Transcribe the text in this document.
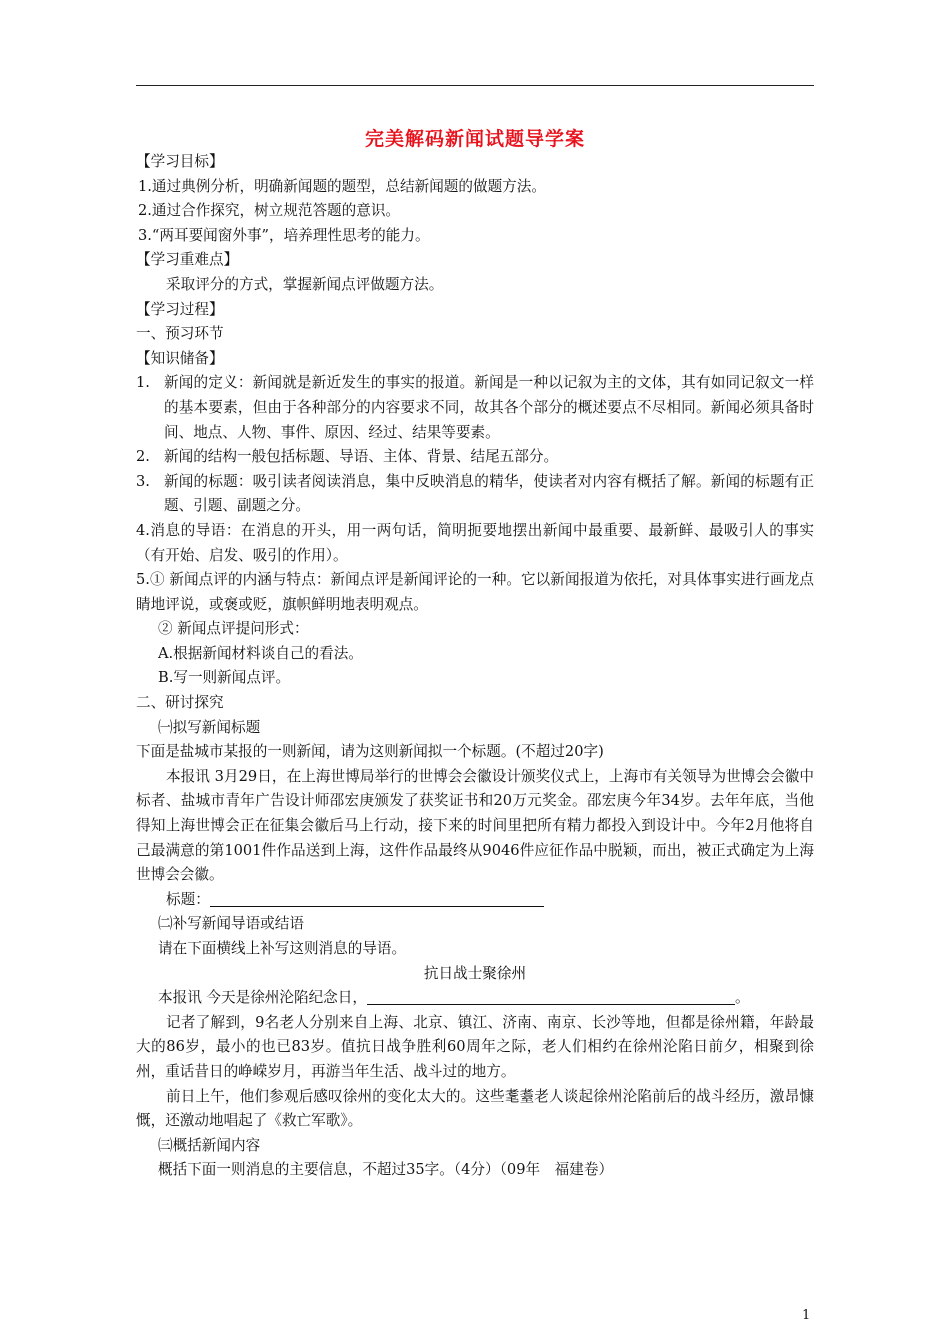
完美解码新闻试题导学案

【学习目标】

1.通过典例分析，明确新闻题的题型，总结新闻题的做题方法。

2.通过合作探究，树立规范答题的意识。

3.“两耳要闻窗外事”，培养理性思考的能力。

【学习重难点】

采取评分的方式，掌握新闻点评做题方法。

【学习过程】

一、预习环节

【知识储备】

1. 新闻的定义：新闻就是新近发生的事实的报道。新闻是一种以记叙为主的文体，其有如同记叙文一样的基本要素，但由于各种部分的内容要求不同，故其各个部分的概述要点不尽相同。新闻必须具备时间、地点、人物、事件、原因、经过、结果等要素。
2. 新闻的结构一般包括标题、导语、主体、背景、结尾五部分。
3. 新闻的标题：吸引读者阅读消息，集中反映消息的精华，使读者对内容有概括了解。新闻的标题有正题、引题、副题之分。

4.消息的导语：在消息的开头，用一两句话，简明扼要地摆出新闻中最重要、最新鲜、最吸引人的事实（有开始、启发、吸引的作用）。

5.① 新闻点评的内涵与特点：新闻点评是新闻评论的一种。它以新闻报道为依托，对具体事实进行画龙点睛地评说，或褒或贬，旗帜鲜明地表明观点。

② 新闻点评提问形式：

A.根据新闻材料谈自己的看法。

B.写一则新闻点评。

二、研讨探究

㈠拟写新闻标题

下面是盐城市某报的一则新闻，请为这则新闻拟一个标题。(不超过20字)

本报讯 3月29日，在上海世博局举行的世博会会徽设计颁奖仪式上，上海市有关领导为世博会会徽中标者、盐城市青年广告设计师邵宏庚颁发了获奖证书和20万元奖金。邵宏庚今年34岁。去年年底，当他得知上海世博会正在征集会徽后马上行动，接下来的时间里把所有精力都投入到设计中。今年2月他将自己最满意的第1001件作品送到上海，这件作品最终从9046件应征作品中脱颖，而出，被正式确定为上海世博会会徽。

标题：

㈡补写新闻导语或结语

请在下面横线上补写这则消息的导语。

抗日战士聚徐州

本报讯 今天是徐州沦陷纪念日，	。

记者了解到，9名老人分别来自上海、北京、镇江、济南、南京、长沙等地，但都是徐州籍，年龄最大的86岁，最小的也已83岁。值抗日战争胜利60周年之际，老人们相约在徐州沦陷日前夕，相聚到徐州，重话昔日的峥嵘岁月，再游当年生活、战斗过的地方。

前日上午，他们参观后感叹徐州的变化太大的。这些耄耋老人谈起徐州沦陷前后的战斗经历，激昂慷慨，还激动地唱起了《救亡军歌》。

㈢概括新闻内容

概括下面一则消息的主要信息，不超过35字。（4分）（09年　福建卷）

1
